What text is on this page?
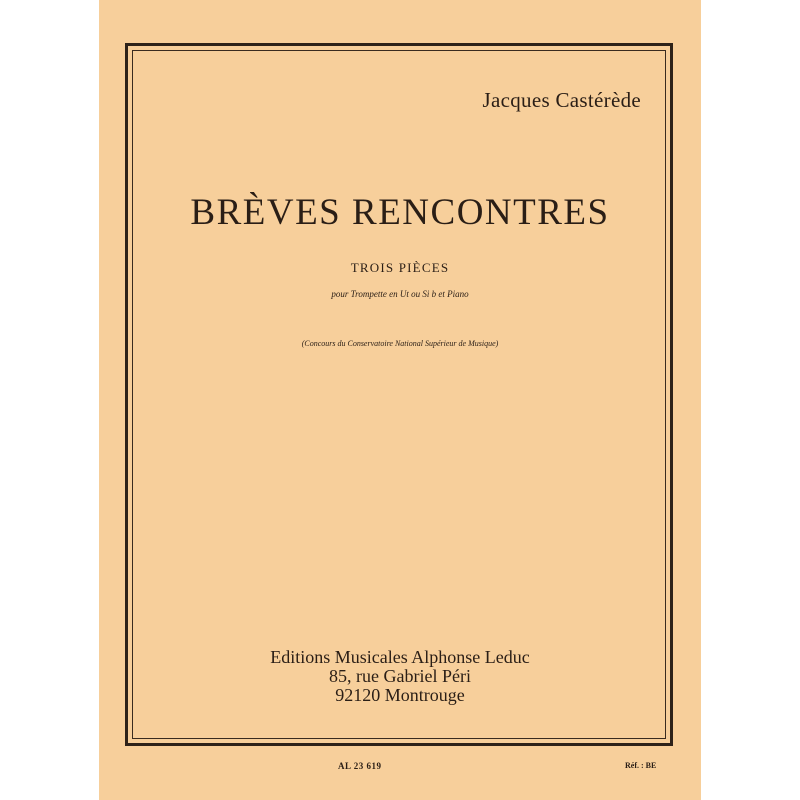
Jacques Castérède
BRÈVES RENCONTRES
TROIS PIÈCES
pour Trompette en Ut ou Si b et Piano
(Concours du Conservatoire National Supérieur de Musique)
Editions Musicales Alphonse Leduc
85, rue Gabriel Péri
92120 Montrouge
AL 23 619	Réf. : BE
